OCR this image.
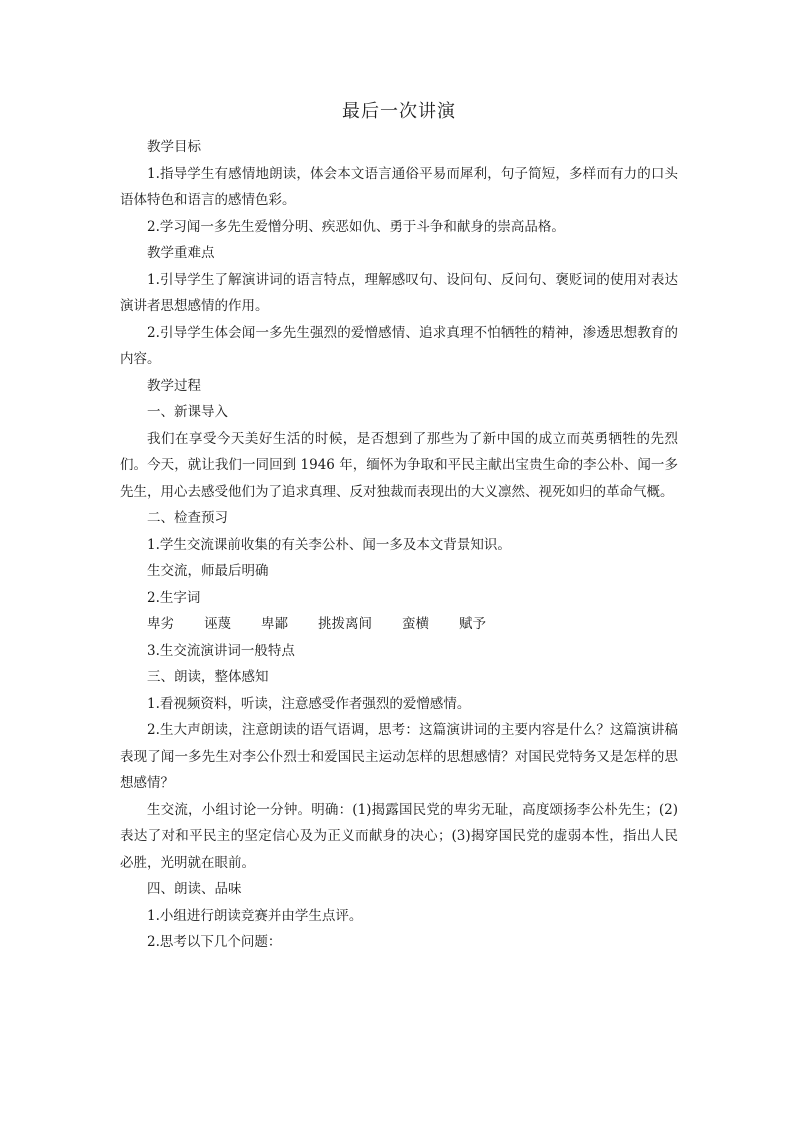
最后一次讲演

教学目标

1.指导学生有感情地朗读，体会本文语言通俗平易而犀利，句子简短，多样而有力的口头语体特色和语言的感情色彩。

2.学习闻一多先生爱憎分明、疾恶如仇、勇于斗争和献身的崇高品格。

教学重难点

1.引导学生了解演讲词的语言特点，理解感叹句、设问句、反问句、褒贬词的使用对表达演讲者思想感情的作用。

2.引导学生体会闻一多先生强烈的爱憎感情、追求真理不怕牺牲的精神，渗透思想教育的内容。

教学过程

一、新课导入

我们在享受今天美好生活的时候，是否想到了那些为了新中国的成立而英勇牺牲的先烈们。今天，就让我们一同回到 1946 年，缅怀为争取和平民主献出宝贵生命的李公朴、闻一多先生，用心去感受他们为了追求真理、反对独裁而表现出的大义凛然、视死如归的革命气概。

二、检查预习

1.学生交流课前收集的有关李公朴、闻一多及本文背景知识。

生交流，师最后明确

2.生字词

卑劣 诬蔑 卑鄙 挑拨离间 蛮横 赋予

3.生交流演讲词一般特点

三、朗读，整体感知

1.看视频资料，听读，注意感受作者强烈的爱憎感情。

2.生大声朗读，注意朗读的语气语调，思考：这篇演讲词的主要内容是什么？这篇演讲稿表现了闻一多先生对李公仆烈士和爱国民主运动怎样的思想感情？对国民党特务又是怎样的思想感情？

生交流，小组讨论一分钟。明确：(1)揭露国民党的卑劣无耻，高度颂扬李公朴先生；(2)表达了对和平民主的坚定信心及为正义而献身的决心；(3)揭穿国民党的虚弱本性，指出人民必胜，光明就在眼前。

四、朗读、品味

1.小组进行朗读竞赛并由学生点评。

2.思考以下几个问题：
